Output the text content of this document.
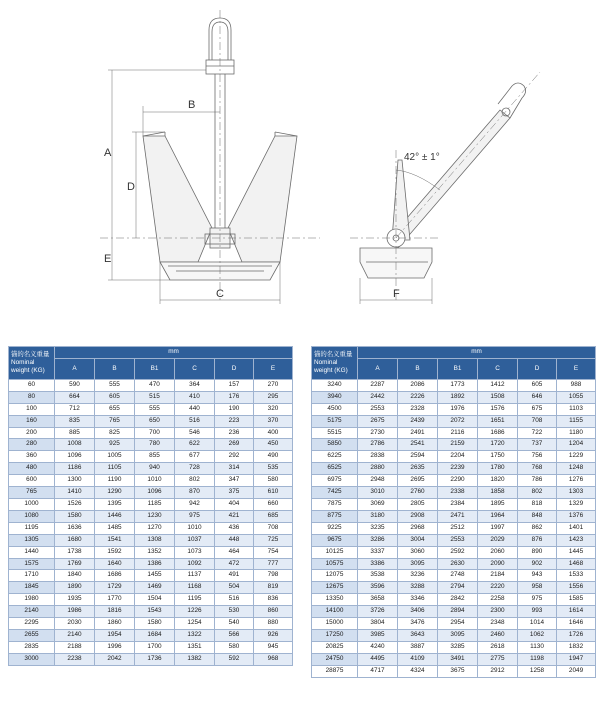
A
D
E
B
C	F
42° ± 1°
锚的名义重量 Nominal weight (KG)	mm					
	A	B	B1	C	D	E
60	590	555	470	364	157	270
80	664	605	515	410	176	295
100	712	655	555	440	190	320
160	835	765	650	516	223	370
200	885	825	700	546	236	400
280	1008	925	780	622	269	450
360	1096	1005	855	677	292	490
480	1186	1105	940	728	314	535
600	1300	1190	1010	802	347	580
765	1410	1290	1096	870	375	610
1000	1526	1395	1185	942	404	660
1080	1580	1446	1230	975	421	685
1195	1636	1485	1270	1010	436	708
1305	1680	1541	1308	1037	448	725
1440	1738	1592	1352	1073	464	754
1575	1769	1640	1386	1092	472	777
1710	1840	1686	1455	1137	491	798
1845	1890	1729	1469	1168	504	819
1980	1935	1770	1504	1195	516	836
2140	1986	1816	1543	1226	530	860
2295	2030	1860	1580	1254	540	880
2655	2140	1954	1684	1322	566	926
2835	2188	1996	1700	1351	580	945
3000	2238	2042	1736	1382	592	968
锚的名义重量 Nominal weight (KG)	mm					
	A	B	B1	C	D	E
3240	2287	2086	1773	1412	605	988
3940	2442	2226	1892	1508	646	1055
4500	2553	2328	1976	1576	675	1103
5175	2675	2439	2072	1651	708	1155
5515	2730	2491	2116	1686	722	1180
5850	2786	2541	2159	1720	737	1204
6225	2838	2594	2204	1750	756	1229
6525	2880	2635	2239	1780	768	1248
6975	2948	2695	2290	1820	786	1276
7425	3010	2760	2338	1858	802	1303
7875	3069	2805	2384	1895	818	1329
8775	3180	2908	2471	1964	848	1376
9225	3235	2968	2512	1997	862	1401
9675	3286	3004	2553	2029	876	1423
10125	3337	3060	2592	2060	890	1445
10575	3386	3095	2630	2090	902	1468
12075	3538	3236	2748	2184	943	1533
12675	3596	3288	2794	2220	958	1556
13350	3658	3346	2842	2258	975	1585
14100	3726	3406	2894	2300	993	1614
15000	3804	3476	2954	2348	1014	1646
17250	3985	3643	3095	2460	1062	1726
20825	4240	3887	3285	2618	1130	1832
24750	4495	4109	3491	2775	1198	1947
28875	4717	4324	3675	2912	1258	2049
